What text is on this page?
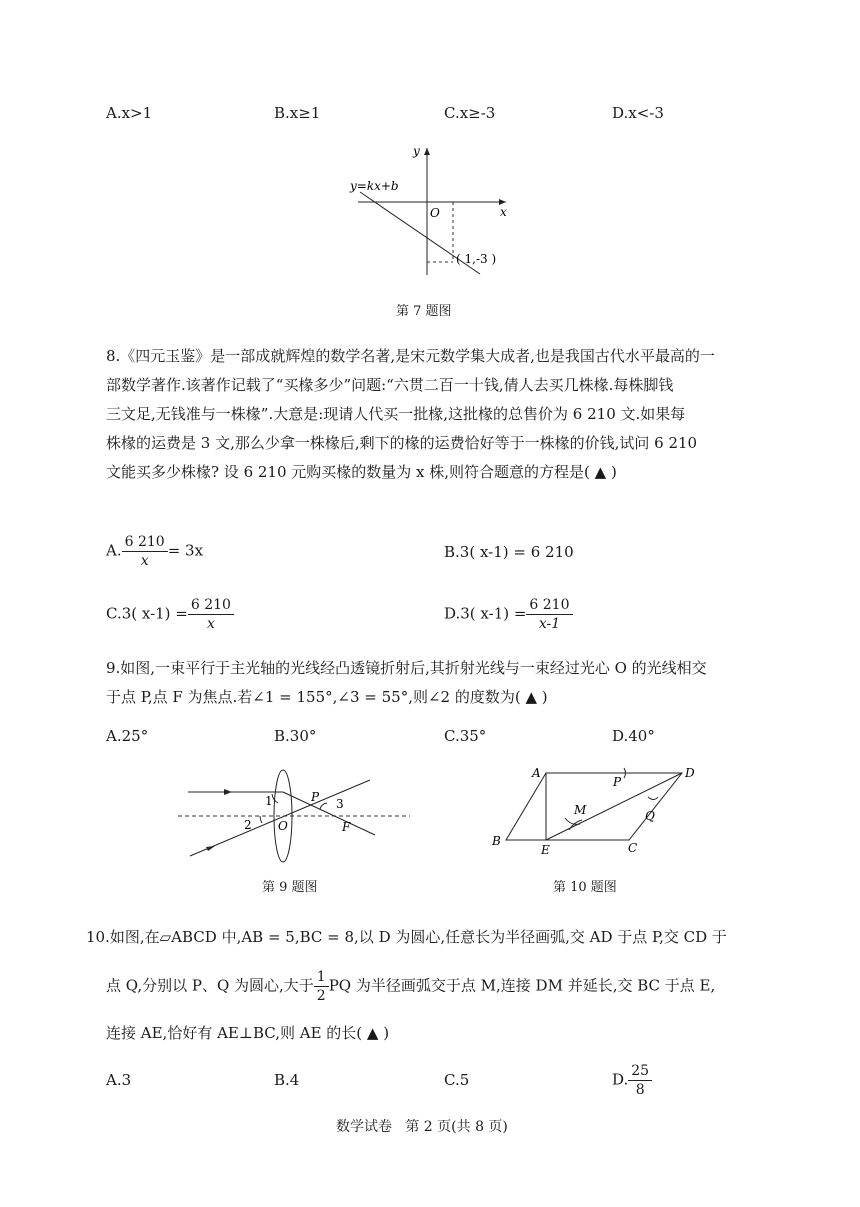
A.x>1	B.x≥1	C.x≥-3	D.x<-3
y=kx+b
y
x
O
( 1,-3 )
第 7 题图
8.《四元玉鉴》是一部成就辉煌的数学名著,是宋元数学集大成者,也是我国古代水平最高的一
部数学著作.该著作记载了“买椽多少”问题:“六贯二百一十钱,倩人去买几株椽.每株脚钱
三文足,无钱准与一株椽”.大意是:现请人代买一批椽,这批椽的总售价为 6 210 文.如果每
株椽的运费是 3 文,那么少拿一株椽后,剩下的椽的运费恰好等于一株椽的价钱,试问 6 210
文能买多少株椽? 设 6 210 元购买椽的数量为 x 株,则符合题意的方程是( ▲ )
A. $\frac{6 210}{x} = 3x$	B.3( x-1) = 6 210
C.3( $x-1) = \frac{6 210}{x}$	D.3( $x-1) = \frac{6 210}{x-1}$
9.如图,一束平行于主光轴的光线经凸透镜折射后,其折射光线与一束经过光心 O 的光线相交
于点 P,点 F 为焦点.若∠1 = 155°,∠3 = 55°,则∠2 的度数为( ▲ )
A.25°	B.30°	C.35°	D.40°
1
2
3
P
O	F
第 9 题图
A	D
B	C
E
M
P
Q
第 10 题图
10.如图,在▱ABCD 中,AB = 5,BC = 8,以 D 为圆心,任意长为半径画弧,交 AD 于点 P,交 CD 于
点 Q,分别以 P、Q 为圆心,大于 $\frac{1}{2}$ PQ 为半径画弧交于点 M,连接 DM 并延长,交 BC 于点 E,
连接 AE,恰好有 AE⊥BC,则 AE 的长( ▲ )
A.3	B.4	C.5	D. $\frac{25}{8}$
数学试卷   第 2 页(共 8 页)
